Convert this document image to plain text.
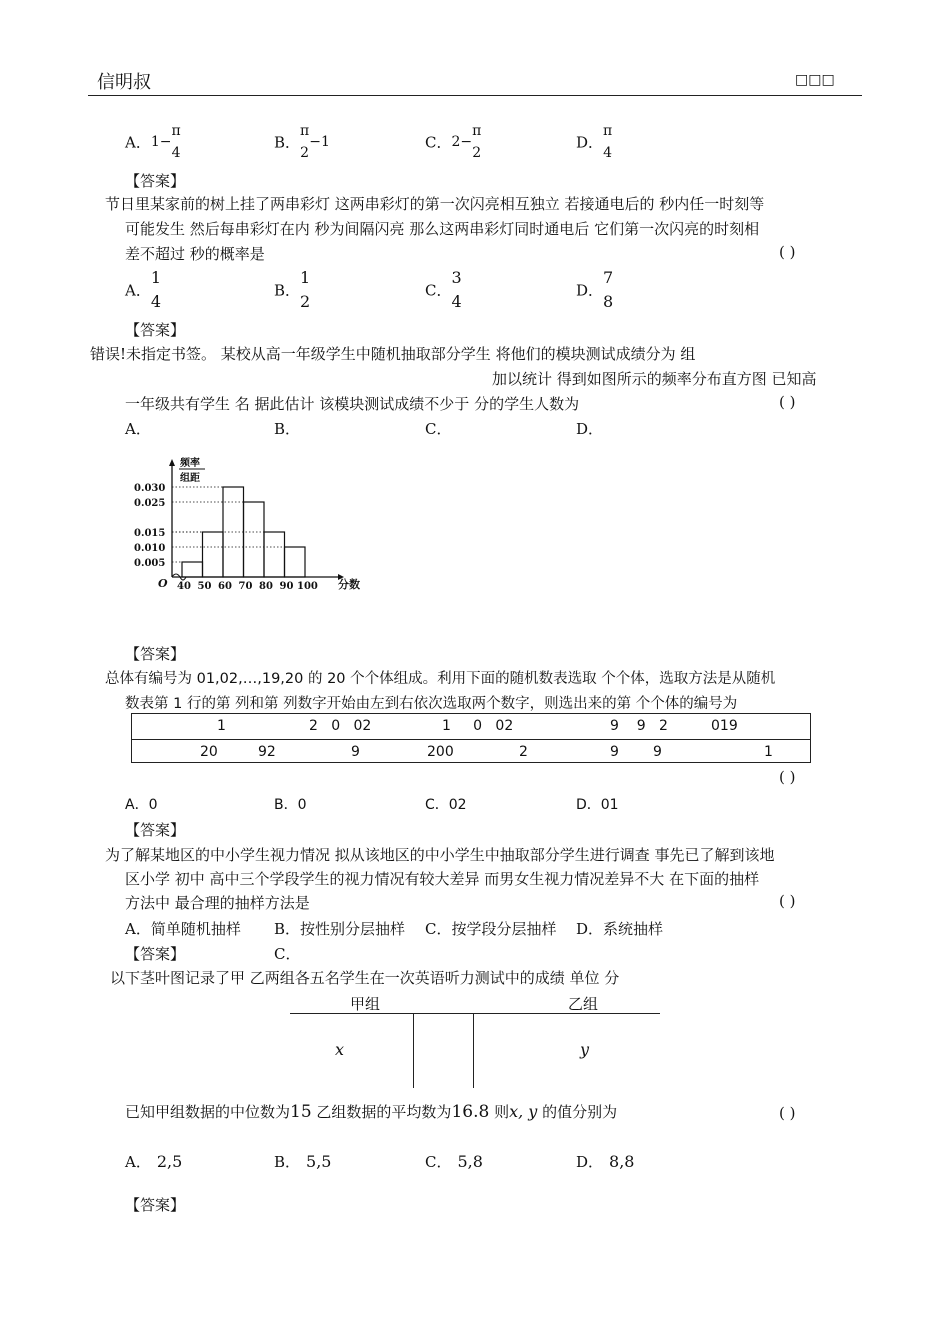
信明叔	□□□
A．1−
π
4
B．
π
2
−1	C．2−
π
2
D．
π
4
【答案】
节日里某家前的树上挂了两串彩灯 这两串彩灯的第一次闪亮相互独立 若接通电后的 秒内任一时刻等
可能发生 然后每串彩灯在内 秒为间隔闪亮 那么这两串彩灯同时通电后 它们第一次闪亮的时刻相
差不超过 秒的概率是	( )
A．
1
4
B．
1
2
C．
3
4
D．
7
8
【答案】
错误!未指定书签。 某校从高一年级学生中随机抽取部分学生 将他们的模块测试成绩分为 组
加以统计 得到如图所示的频率分布直方图 已知高
一年级共有学生 名 据此估计 该模块测试成绩不少于 分的学生人数为	( )
A．	B．	C．	D．
频率
组距
0.030
0.025
0.015
0.010
0.005
40 50 60 70 80 90 100
O	分数
【答案】
总体有编号为 01,02,…,19,20 的 20 个个体组成。利用下面的随机数表选取 个个体，选取方法是从随机
数表第 1 行的第 列和第 列数字开始由左到右依次选取两个数字，则选出来的第 个个体的编号为
1	2   0   02	1     0   02	9    9   2	019
20	92	9	200	2	9 9	1
( )
A．0	B．0	C．02	D．01
【答案】
为了解某地区的中小学生视力情况 拟从该地区的中小学生中抽取部分学生进行调查 事先已了解到该地
区小学 初中 高中三个学段学生的视力情况有较大差异 而男女生视力情况差异不大 在下面的抽样
方法中 最合理的抽样方法是	( )
A．简单随机抽样 B．按性别分层抽样 C．按学段分层抽样 D．系统抽样
【答案】	C．
以下茎叶图记录了甲 乙两组各五名学生在一次英语听力测试中的成绩 单位 分
甲组	乙组
x	y
已知甲组数据的中位数为15 乙组数据的平均数为16.8 则x, y 的值分别为	( )
A． 2,5	B． 5,5	C． 5,8	D． 8,8
【答案】
